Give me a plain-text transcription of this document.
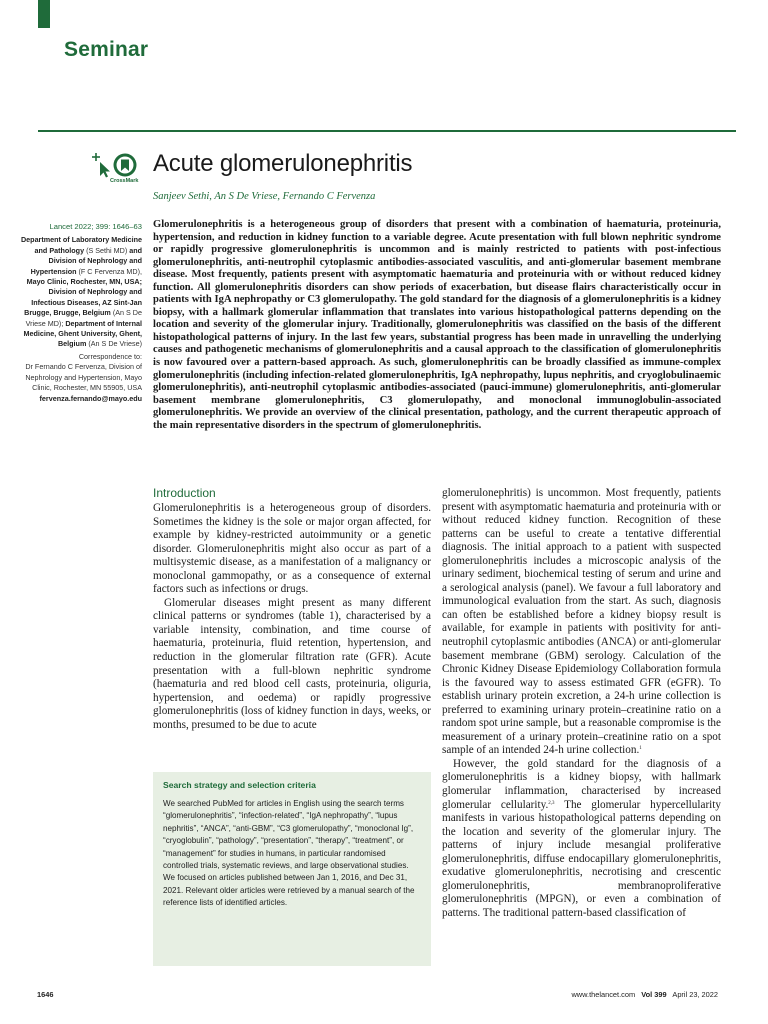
Seminar
CrossMark
Acute glomerulonephritis
Sanjeev Sethi, An S De Vriese, Fernando C Fervenza
Lancet 2022; 399: 1646–63

Department of Laboratory Medicine and Pathology (S Sethi MD) and Division of Nephrology and Hypertension (F C Fervenza MD), Mayo Clinic, Rochester, MN, USA; Division of Nephrology and Infectious Diseases, AZ Sint-Jan Brugge, Brugge, Belgium (An S De Vriese MD); Department of Internal Medicine, Ghent University, Ghent, Belgium (An S De Vriese)

Correspondence to:
Dr Fernando C Fervenza, Division of Nephrology and Hypertension, Mayo Clinic, Rochester, MN 55905, USA
fervenza.fernando@mayo.edu

Glomerulonephritis is a heterogeneous group of disorders that present with a combination of haematuria, proteinuria, hypertension, and reduction in kidney function to a variable degree. Acute presentation with full blown nephritic syndrome or rapidly progressive glomerulonephritis is uncommon and is mainly restricted to patients with post-infectious glomerulonephritis, anti-neutrophil cytoplasmic antibodies-associated vasculitis, and anti-glomerular basement membrane disease. Most frequently, patients present with asymptomatic haematuria and proteinuria with or without reduced kidney function. All glomerulonephritis disorders can show periods of exacerbation, but disease flairs characteristically occur in patients with IgA nephropathy or C3 glomerulopathy. The gold standard for the diagnosis of a glomerulonephritis is a kidney biopsy, with a hallmark glomerular inflammation that translates into various histopathological patterns depending on the location and severity of the glomerular injury. Traditionally, glomerulonephritis was classified on the basis of the different histopathological patterns of injury. In the last few years, substantial progress has been made in unravelling the underlying causes and pathogenetic mechanisms of glomerulonephritis and a causal approach to the classification of glomerulonephritis is now favoured over a pattern-based approach. As such, glomerulonephritis can be broadly classified as immune-complex glomerulonephritis (including infection-related glomerulonephritis, IgA nephropathy, lupus nephritis, and cryoglobulinaemic glomerulonephritis), anti-neutrophil cytoplasmic antibodies-associated (pauci-immune) glomerulonephritis, anti-glomerular basement membrane glomerulonephritis, C3 glomerulopathy, and monoclonal immunoglobulin-associated glomerulonephritis. We provide an overview of the clinical presentation, pathology, and the current therapeutic approach of the main representative disorders in the spectrum of glomerulonephritis.

Introduction

Glomerulonephritis is a heterogeneous group of disorders. Sometimes the kidney is the sole or major organ affected, for example by kidney-restricted autoimmunity or a genetic disorder. Glomerulonephritis might also occur as part of a multisystemic disease, as a manifestation of a malignancy or monoclonal gammopathy, or as a consequence of external factors such as infections or drugs.

Glomerular diseases might present as many different clinical patterns or syndromes (table 1), characterised by a variable intensity, combination, and time course of haematuria, proteinuria, fluid retention, hypertension, and reduction in the glomerular filtration rate (GFR). Acute presentation with a full-blown nephritic syndrome (haematuria and red blood cell casts, proteinuria, oliguria, hypertension, and oedema) or rapidly progressive glomerulonephritis (loss of kidney function in days, weeks, or months, presumed to be due to acute

glomerulonephritis) is uncommon. Most frequently, patients present with asymptomatic haematuria and proteinuria with or without reduced kidney function. Recognition of these patterns can be useful to create a tentative differential diagnosis. The initial approach to a patient with suspected glomerulonephritis includes a microscopic analysis of the urinary sediment, biochemical testing of serum and urine and a serological analysis (panel). We favour a full laboratory and immunological evaluation from the start. As such, diagnosis can often be established before a kidney biopsy result is available, for example in patients with positivity for anti-neutrophil cytoplasmic antibodies (ANCA) or anti-glomerular basement membrane (GBM) serology. Calculation of the Chronic Kidney Disease Epidemiology Collaboration formula is the favoured way to assess estimated GFR (eGFR). To establish urinary protein excretion, a 24-h urine collection is preferred to examining urinary protein–creatinine ratio on a random spot urine sample, but a reasonable compromise is the measurement of a urinary protein–creatinine ratio on a spot sample of an intended 24-h urine collection.$^1$

However, the gold standard for the diagnosis of a glomerulonephritis is a kidney biopsy, with hallmark glomerular inflammation, characterised by increased glomerular cellularity.$^{2,3}$ The glomerular hypercellularity manifests in various histopathological patterns depending on the location and severity of the glomerular injury. The patterns of injury include mesangial proliferative glomerulonephritis, diffuse endocapillary glomerulonephritis, exudative glomerulonephritis, necrotising and crescentic glomerulonephritis, membranoproliferative glomerulonephritis (MPGN), or even a combination of patterns. The traditional pattern-based classification of

Search strategy and selection criteria

We searched PubMed for articles in English using the search terms “glomerulonephritis”, “infection-related”, “IgA nephropathy”, “lupus nephritis”, “ANCA”, “anti-GBM”, “C3 glomerulopathy”, “monoclonal Ig”, “cryoglobulin”, “pathology”, “presentation”, “therapy”, “treatment”, or “management” for studies in humans, in particular randomised controlled trials, systematic reviews, and large observational studies. We focused on articles published between Jan 1, 2016, and Dec 31, 2021. Relevant older articles were retrieved by a manual search of the reference lists of identified articles.

1646	www.thelancet.com Vol 399 April 23, 2022
